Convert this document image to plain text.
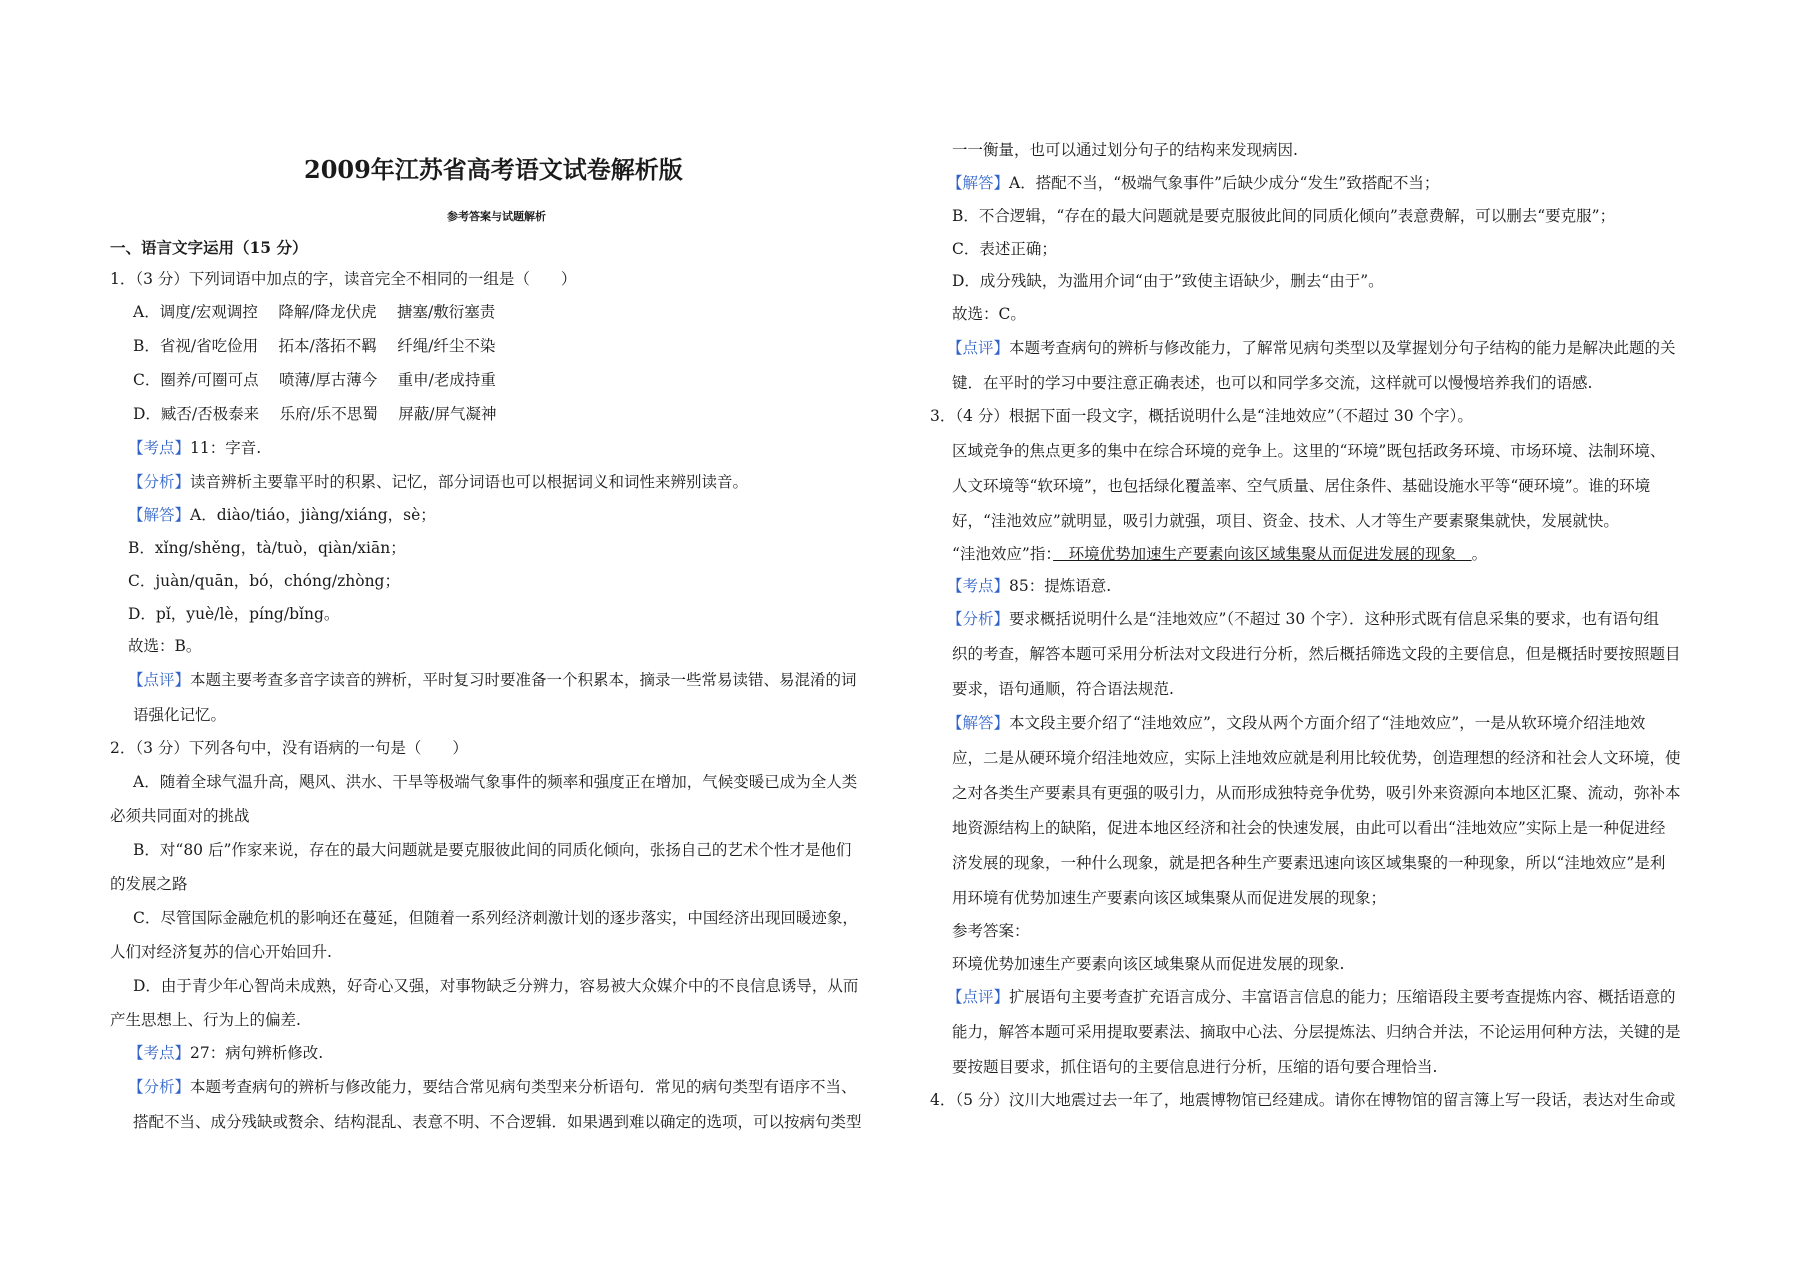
2009年江苏省高考语文试卷解析版
参考答案与试题解析
一、语言文字运用（15 分）
1．（3 分）下列词语中加点的字，读音完全不相同的一组是（　　）
A．调度/宏观调控　 降解/降龙伏虎　 搪塞/敷衍塞责
B．省视/省吃俭用　 拓本/落拓不羁　 纤绳/纤尘不染
C．圈养/可圈可点　 喷薄/厚古薄今　 重申/老成持重
D．臧否/否极泰来　 乐府/乐不思蜀　 屏蔽/屏气凝神
【考点】11：字音.
【分析】读音辨析主要靠平时的积累、记忆，部分词语也可以根据词义和词性来辨别读音。
【解答】A．diào/tiáo，jiàng/xiáng，sè；
B．xǐng/shěng，tà/tuò，qiàn/xiān；
C．juàn/quān，bó，chóng/zhòng；
D．pǐ，yuè/lè，píng/bǐng。
故选：B。
【点评】本题主要考查多音字读音的辨析，平时复习时要准备一个积累本，摘录一些常易读错、易混淆的词
语强化记忆。
2．（3 分）下列各句中，没有语病的一句是（　　）
A．随着全球气温升高，飓风、洪水、干旱等极端气象事件的频率和强度正在增加，气候变暖已成为全人类
必须共同面对的挑战
B．对“80 后”作家来说，存在的最大问题就是要克服彼此间的同质化倾向，张扬自己的艺术个性才是他们
的发展之路
C．尽管国际金融危机的影响还在蔓延，但随着一系列经济刺激计划的逐步落实，中国经济出现回暖迹象，
人们对经济复苏的信心开始回升.
D．由于青少年心智尚未成熟，好奇心又强，对事物缺乏分辨力，容易被大众媒介中的不良信息诱导，从而
产生思想上、行为上的偏差.
【考点】27：病句辨析修改.
【分析】本题考查病句的辨析与修改能力，要结合常见病句类型来分析语句．常见的病句类型有语序不当、
搭配不当、成分残缺或赘余、结构混乱、表意不明、不合逻辑．如果遇到难以确定的选项，可以按病句类型
一一衡量，也可以通过划分句子的结构来发现病因.
【解答】A．搭配不当，“极端气象事件”后缺少成分“发生”致搭配不当；
B．不合逻辑，“存在的最大问题就是要克服彼此间的同质化倾向”表意费解，可以删去“要克服”；
C．表述正确；
D．成分残缺，为滥用介词“由于”致使主语缺少，删去“由于”。
故选：C。
【点评】本题考查病句的辨析与修改能力，了解常见病句类型以及掌握划分句子结构的能力是解决此题的关
键．在平时的学习中要注意正确表述，也可以和同学多交流，这样就可以慢慢培养我们的语感.
3．（4 分）根据下面一段文字，概括说明什么是“洼地效应”（不超过 30 个字）。
区域竞争的焦点更多的集中在综合环境的竞争上。这里的“环境”既包括政务环境、市场环境、法制环境、
人文环境等“软环境”，也包括绿化覆盖率、空气质量、居住条件、基础设施水平等“硬环境”。谁的环境
好，“洼池效应”就明显，吸引力就强，项目、资金、技术、人才等生产要素聚集就快，发展就快。
“洼池效应”指：　环境优势加速生产要素向该区域集聚从而促进发展的现象　。
【考点】85：提炼语意.
【分析】要求概括说明什么是“洼地效应”（不超过 30 个字）．这种形式既有信息采集的要求，也有语句组
织的考查，解答本题可采用分析法对文段进行分析，然后概括筛选文段的主要信息，但是概括时要按照题目
要求，语句通顺，符合语法规范.
【解答】本文段主要介绍了“洼地效应”，文段从两个方面介绍了“洼地效应”，一是从软环境介绍洼地效
应，二是从硬环境介绍洼地效应，实际上洼地效应就是利用比较优势，创造理想的经济和社会人文环境，使
之对各类生产要素具有更强的吸引力，从而形成独特竞争优势，吸引外来资源向本地区汇聚、流动，弥补本
地资源结构上的缺陷，促进本地区经济和社会的快速发展，由此可以看出“洼地效应”实际上是一种促进经
济发展的现象，一种什么现象，就是把各种生产要素迅速向该区域集聚的一种现象，所以“洼地效应”是利
用环境有优势加速生产要素向该区域集聚从而促进发展的现象；
参考答案：
环境优势加速生产要素向该区域集聚从而促进发展的现象.
【点评】扩展语句主要考查扩充语言成分、丰富语言信息的能力；压缩语段主要考查提炼内容、概括语意的
能力，解答本题可采用提取要素法、摘取中心法、分层提炼法、归纳合并法，不论运用何种方法，关键的是
要按题目要求，抓住语句的主要信息进行分析，压缩的语句要合理恰当.
4．（5 分）汶川大地震过去一年了，地震博物馆已经建成。请你在博物馆的留言簿上写一段话，表达对生命或
